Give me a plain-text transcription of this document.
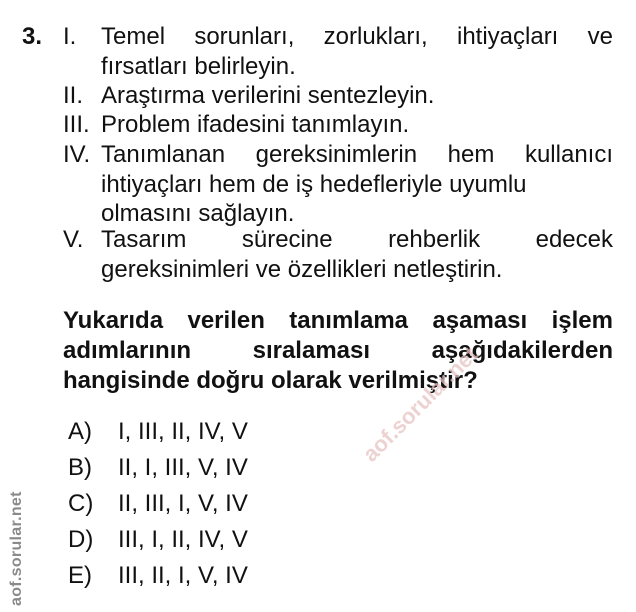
3. I. Temel sorunları, zorlukları, ihtiyaçları ve
fırsatları belirleyin.
II. Araştırma verilerini sentezleyin.
III. Problem ifadesini tanımlayın.
IV. Tanımlanan gereksinimlerin hem kullanıcı
ihtiyaçları hem de iş hedefleriyle uyumlu
olmasını sağlayın.
V. Tasarım sürecine rehberlik edecek
gereksinimleri ve özellikleri netleştirin.
Yukarıda verilen tanımlama aşaması işlem
adımlarının sıralaması aşağıdakilerden
hangisinde doğru olarak verilmiştir?
A) I, III, II, IV, V
B) II, I, III, V, IV
C) II, III, I, V, IV
D) III, I, II, IV, V
E) III, II, I, V, IV
aof.sorular.net
aof.sorular.net
